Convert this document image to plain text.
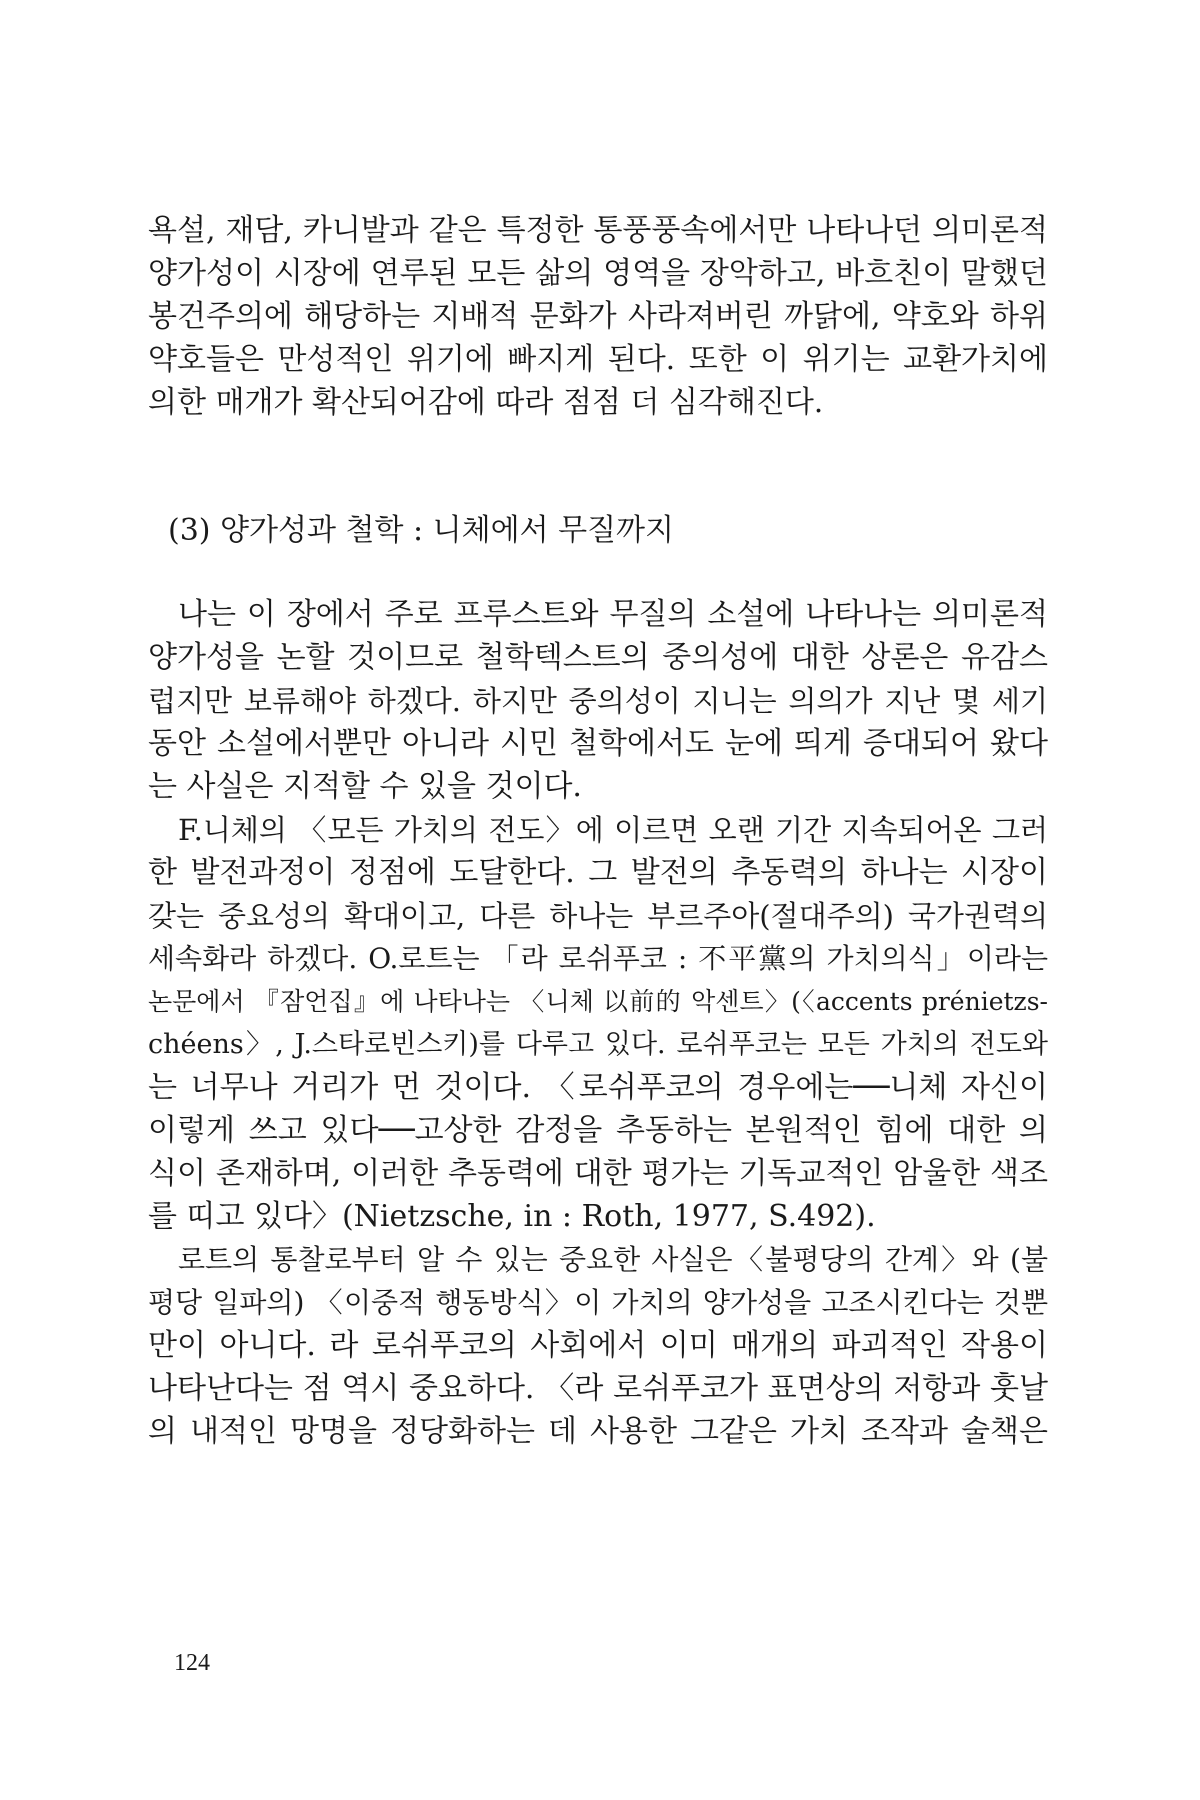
욕설, 재담, 카니발과 같은 특정한 통풍풍속에서만 나타나던 의미론적
양가성이 시장에 연루된 모든 삶의 영역을 장악하고, 바흐친이 말했던
봉건주의에 해당하는 지배적 문화가 사라져버린 까닭에, 약호와 하위
약호들은 만성적인 위기에 빠지게 된다. 또한 이 위기는 교환가치에
의한 매개가 확산되어감에 따라 점점 더 심각해진다.
(3) 양가성과 철학 : 니체에서 무질까지
나는 이 장에서 주로 프루스트와 무질의 소설에 나타나는 의미론적
양가성을 논할 것이므로 철학텍스트의 중의성에 대한 상론은 유감스
럽지만 보류해야 하겠다. 하지만 중의성이 지니는 의의가 지난 몇 세기
동안 소설에서뿐만 아니라 시민 철학에서도 눈에 띄게 증대되어 왔다
는 사실은 지적할 수 있을 것이다.
F.니체의 〈모든 가치의 전도〉에 이르면 오랜 기간 지속되어온 그러
한 발전과정이 정점에 도달한다. 그 발전의 추동력의 하나는 시장이
갖는 중요성의 확대이고, 다른 하나는 부르주아(절대주의) 국가권력의
세속화라 하겠다. O.로트는 「라 로쉬푸코 : 不平黨의 가치의식」이라는
논문에서 『잠언집』에 나타나는 〈니체 以前的 악센트〉(〈accents prénietzs-
chéens〉, J.스타로빈스키)를 다루고 있다. 로쉬푸코는 모든 가치의 전도와
는 너무나 거리가 먼 것이다. 〈로쉬푸코의 경우에는──니체 자신이
이렇게 쓰고 있다──고상한 감정을 추동하는 본원적인 힘에 대한 의
식이 존재하며, 이러한 추동력에 대한 평가는 기독교적인 암울한 색조
를 띠고 있다〉(Nietzsche, in : Roth, 1977, S.492).
로트의 통찰로부터 알 수 있는 중요한 사실은〈불평당의 간계〉와 (불
평당 일파의) 〈이중적 행동방식〉이 가치의 양가성을 고조시킨다는 것뿐
만이 아니다. 라 로쉬푸코의 사회에서 이미 매개의 파괴적인 작용이
나타난다는 점 역시 중요하다. 〈라 로쉬푸코가 표면상의 저항과 훗날
의 내적인 망명을 정당화하는 데 사용한 그같은 가치 조작과 술책은
124
